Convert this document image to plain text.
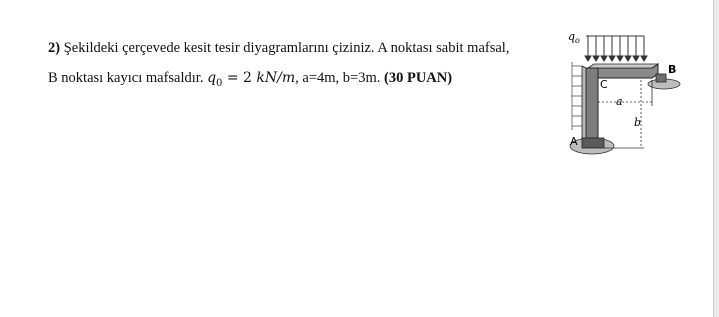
2) Şekildeki çerçevede kesit tesir diyagramlarını çiziniz. A noktası sabit mafsal,
B noktası kayıcı mafsaldır. $q_0 = 2$ kN/m, a=4m, b=3m. (30 PUAN)
$q_o$
B
C
a
b
A
